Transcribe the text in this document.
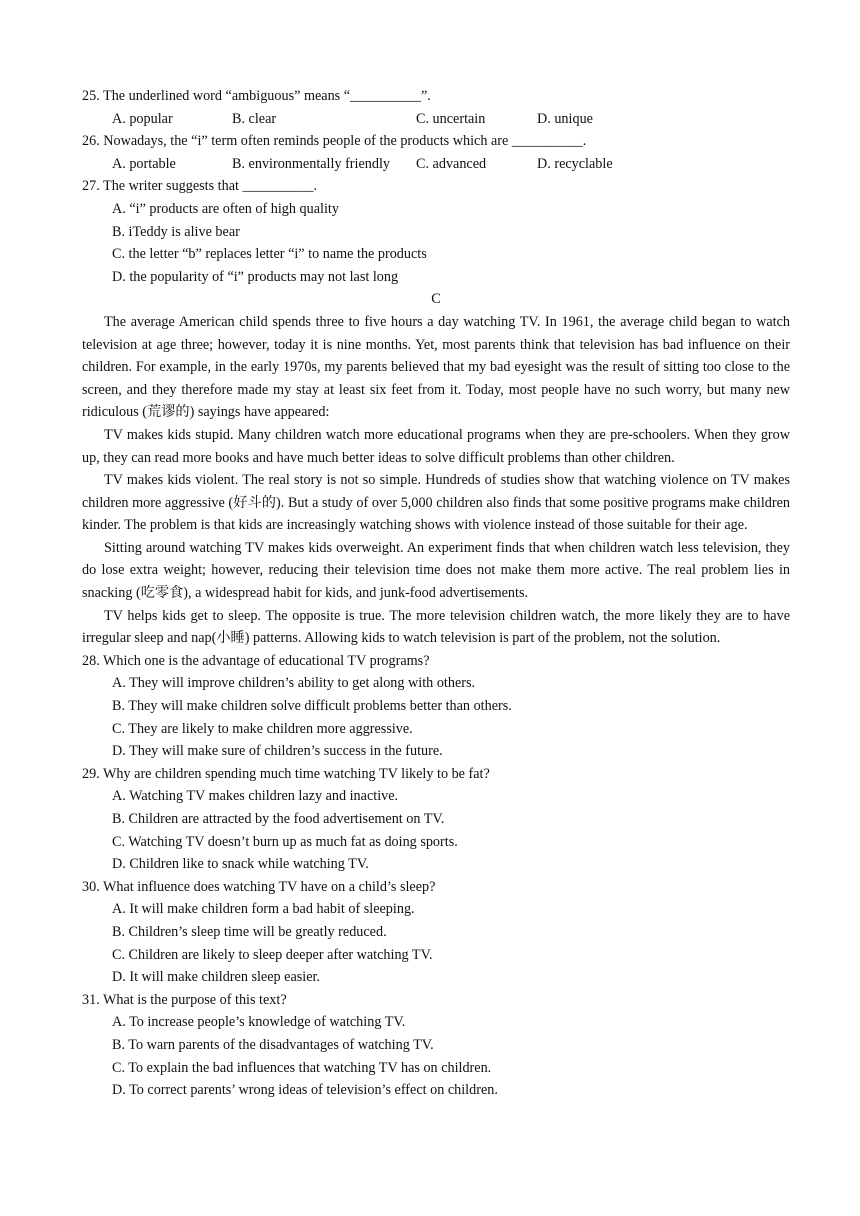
25. The underlined word “ambiguous” means “__________”.

A. popular	B. clear	C. uncertain	D. unique

26. Nowadays, the “i” term often reminds people of the products which are __________.

A. portable	B. environmentally friendly	C. advanced	D. recyclable

27. The writer suggests that __________.

A. “i” products are often of high quality

B. iTeddy is alive bear

C. the letter “b” replaces letter “i” to name the products

D. the popularity of “i” products may not last long

C

The average American child spends three to five hours a day watching TV. In 1961, the average child began to watch television at age three; however, today it is nine months. Yet, most parents think that television has bad influence on their children. For example, in the early 1970s, my parents believed that my bad eyesight was the result of sitting too close to the screen, and they therefore made my stay at least six feet from it. Today, most people have no such worry, but many new ridiculous (荒谬的) sayings have appeared:

TV makes kids stupid. Many children watch more educational programs when they are pre-schoolers. When they grow up, they can read more books and have much better ideas to solve difficult problems than other children.

TV makes kids violent. The real story is not so simple. Hundreds of studies show that watching violence on TV makes children more aggressive (好斗的). But a study of over 5,000 children also finds that some positive programs make children kinder. The problem is that kids are increasingly watching shows with violence instead of those suitable for their age.

Sitting around watching TV makes kids overweight. An experiment finds that when children watch less television, they do lose extra weight; however, reducing their television time does not make them more active. The real problem lies in snacking (吃零食), a widespread habit for kids, and junk-food advertisements.

TV helps kids get to sleep. The opposite is true. The more television children watch, the more likely they are to have irregular sleep and nap(小睡) patterns. Allowing kids to watch television is part of the problem, not the solution.

28. Which one is the advantage of educational TV programs?

A. They will improve children’s ability to get along with others.

B. They will make children solve difficult problems better than others.

C. They are likely to make children more aggressive.

D. They will make sure of children’s success in the future.

29. Why are children spending much time watching TV likely to be fat?

A. Watching TV makes children lazy and inactive.

B. Children are attracted by the food advertisement on TV.

C. Watching TV doesn’t burn up as much fat as doing sports.

D. Children like to snack while watching TV.

30. What influence does watching TV have on a child’s sleep?

A. It will make children form a bad habit of sleeping.

B. Children’s sleep time will be greatly reduced.

C. Children are likely to sleep deeper after watching TV.

D. It will make children sleep easier.

31. What is the purpose of this text?

A. To increase people’s knowledge of watching TV.

B. To warn parents of the disadvantages of watching TV.

C. To explain the bad influences that watching TV has on children.

D. To correct parents’ wrong ideas of television’s effect on children.
